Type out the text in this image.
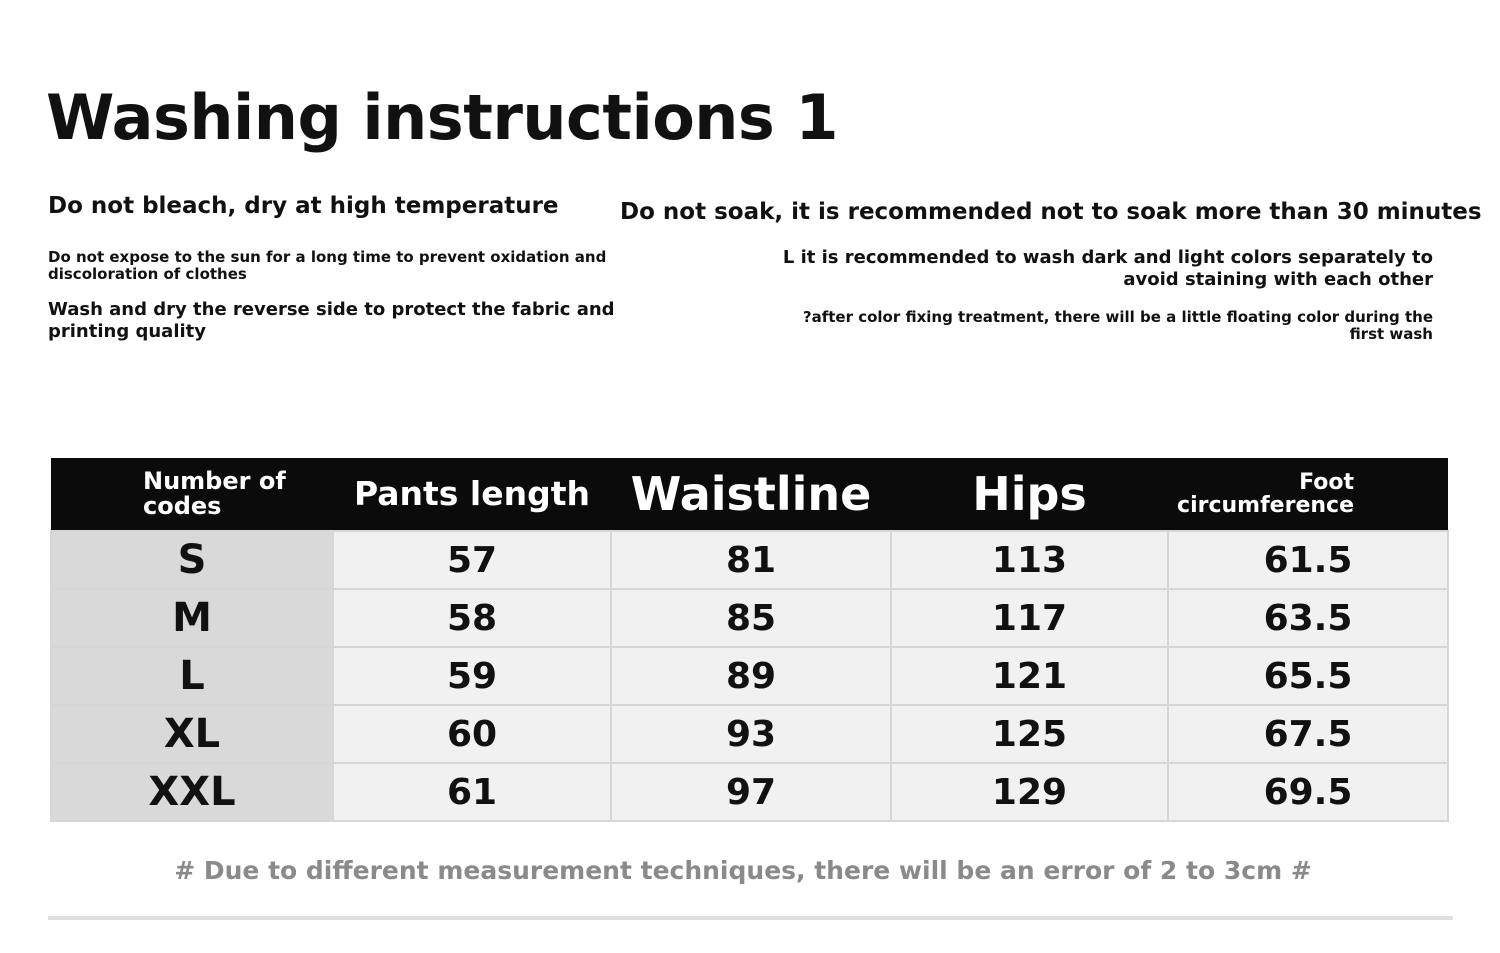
Washing instructions 1

Do not bleach, dry at high temperature

Do not expose to the sun for a long time to prevent oxidation and discoloration of clothes

Wash and dry the reverse side to protect the fabric and printing quality

Do not soak, it is recommended not to soak more than 30 minutes

L it is recommended to wash dark and light colors separately to avoid staining with each other

?after color fixing treatment, there will be a little floating color during the first wash

Number of codes	Pants length	Waistline	Hips	Foot circumference
S	57	81	113	61.5
M	58	85	117	63.5
L	59	89	121	65.5
XL	60	93	125	67.5
XXL	61	97	129	69.5
# Due to different measurement techniques, there will be an error of 2 to 3cm #
